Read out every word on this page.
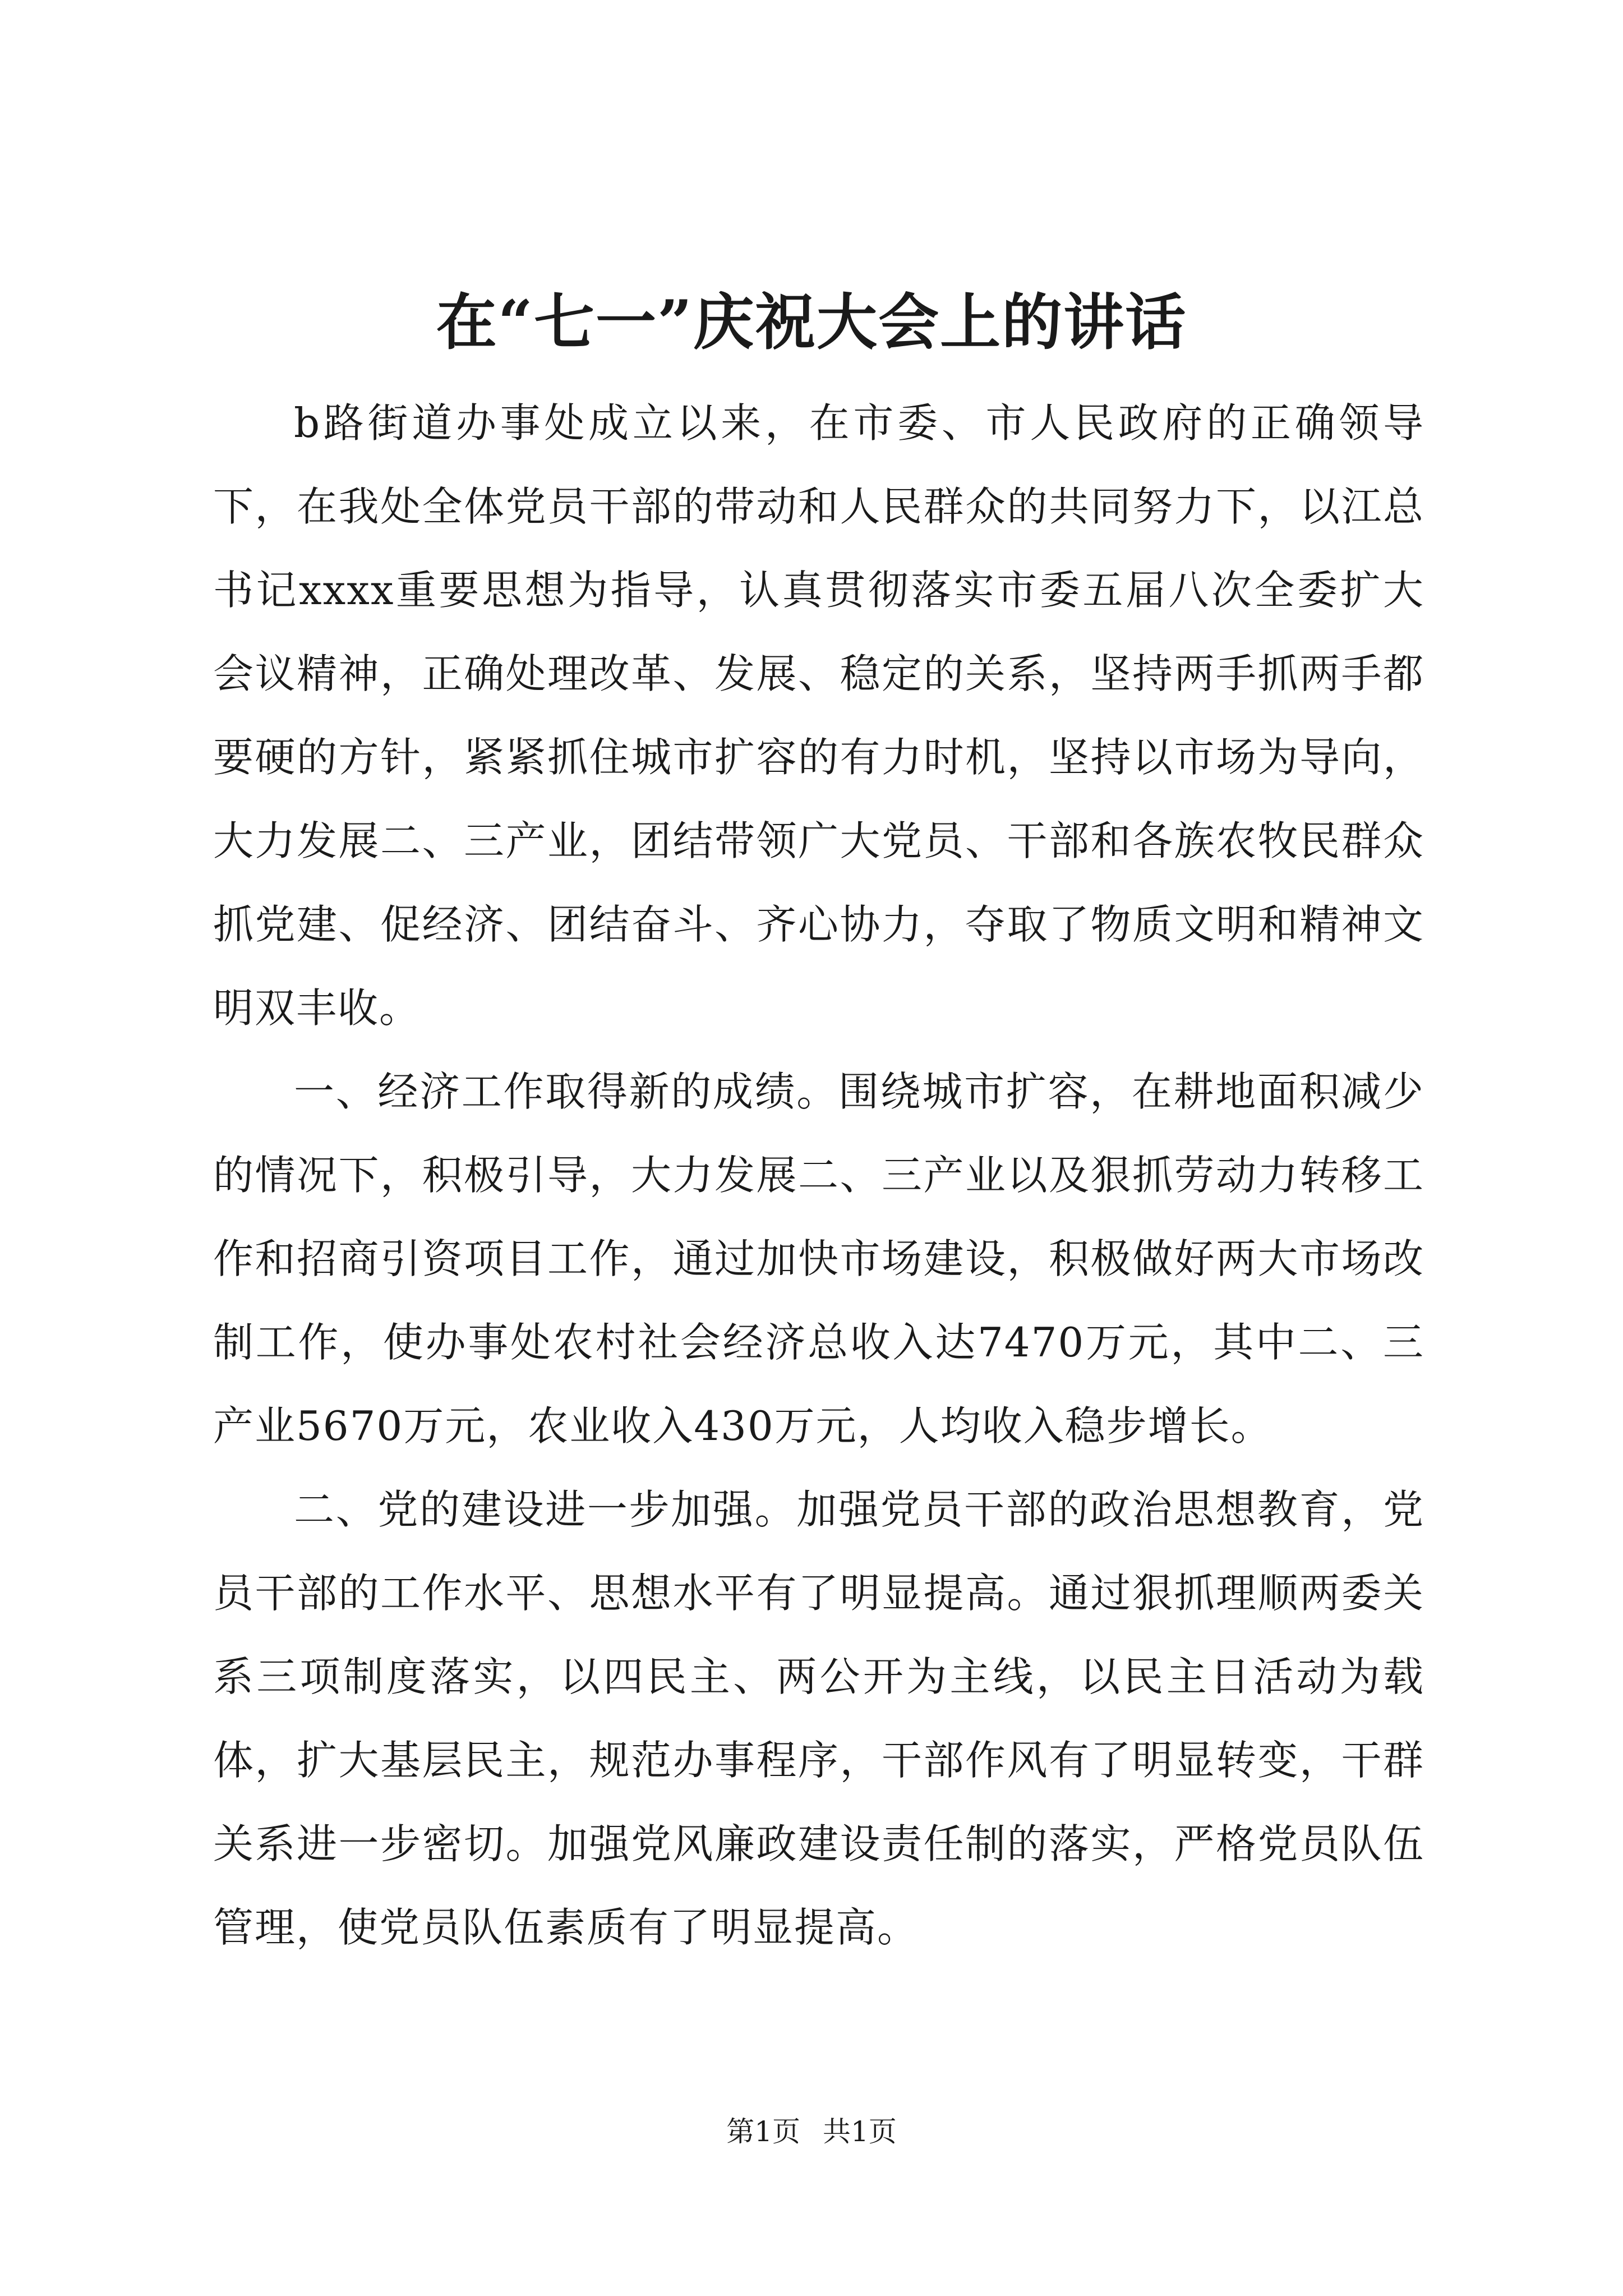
在“七一”庆祝大会上的讲话

b路街道办事处成立以来，在市委、市人民政府的正确领导下，在我处全体党员干部的带动和人民群众的共同努力下，以江总书记xxxx重要思想为指导，认真贯彻落实市委五届八次全委扩大会议精神，正确处理改革、发展、稳定的关系，坚持两手抓两手都要硬的方针，紧紧抓住城市扩容的有力时机，坚持以市场为导向，大力发展二、三产业，团结带领广大党员、干部和各族农牧民群众抓党建、促经济、团结奋斗、齐心协力，夺取了物质文明和精神文明双丰收。

一、经济工作取得新的成绩。围绕城市扩容，在耕地面积减少的情况下，积极引导，大力发展二、三产业以及狠抓劳动力转移工作和招商引资项目工作，通过加快市场建设，积极做好两大市场改制工作，使办事处农村社会经济总收入达7470万元，其中二、三产业5670万元，农业收入430万元，人均收入稳步增长。

二、党的建设进一步加强。加强党员干部的政治思想教育，党员干部的工作水平、思想水平有了明显提高。通过狠抓理顺两委关系三项制度落实，以四民主、两公开为主线，以民主日活动为载体，扩大基层民主，规范办事程序，干部作风有了明显转变，干群关系进一步密切。加强党风廉政建设责任制的落实，严格党员队伍管理，使党员队伍素质有了明显提高。

第1页 共1页
